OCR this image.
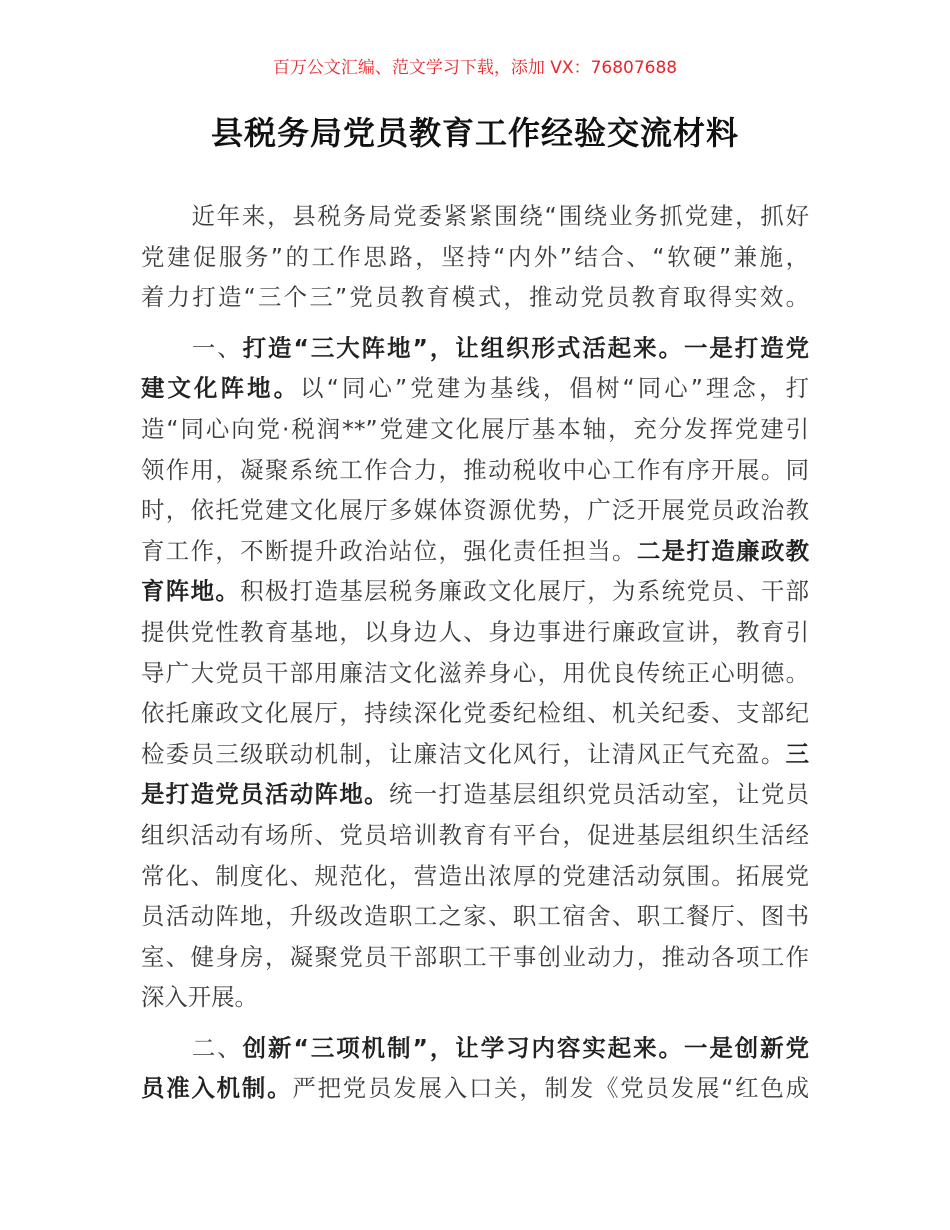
百万公文汇编、范文学习下载，添加 VX：76807688
县税务局党员教育工作经验交流材料
　　近年来，县税务局党委紧紧围绕“围绕业务抓党建，抓好
党建促服务”的工作思路，坚持“内外”结合、“软硬”兼施，
着力打造“三个三”党员教育模式，推动党员教育取得实效。
　　一、打造“三大阵地”，让组织形式活起来。一是打造党
建文化阵地。以“同心”党建为基线，倡树“同心”理念，打
造“同心向党·税润**”党建文化展厅基本轴，充分发挥党建引
领作用，凝聚系统工作合力，推动税收中心工作有序开展。同
时，依托党建文化展厅多媒体资源优势，广泛开展党员政治教
育工作，不断提升政治站位，强化责任担当。二是打造廉政教
育阵地。积极打造基层税务廉政文化展厅，为系统党员、干部
提供党性教育基地，以身边人、身边事进行廉政宣讲，教育引
导广大党员干部用廉洁文化滋养身心，用优良传统正心明德。
依托廉政文化展厅，持续深化党委纪检组、机关纪委、支部纪
检委员三级联动机制，让廉洁文化风行，让清风正气充盈。三
是打造党员活动阵地。统一打造基层组织党员活动室，让党员
组织活动有场所、党员培训教育有平台，促进基层组织生活经
常化、制度化、规范化，营造出浓厚的党建活动氛围。拓展党
员活动阵地，升级改造职工之家、职工宿舍、职工餐厅、图书
室、健身房，凝聚党员干部职工干事创业动力，推动各项工作
深入开展。
　　二、创新“三项机制”，让学习内容实起来。一是创新党
员准入机制。严把党员发展入口关，制发《党员发展“红色成
